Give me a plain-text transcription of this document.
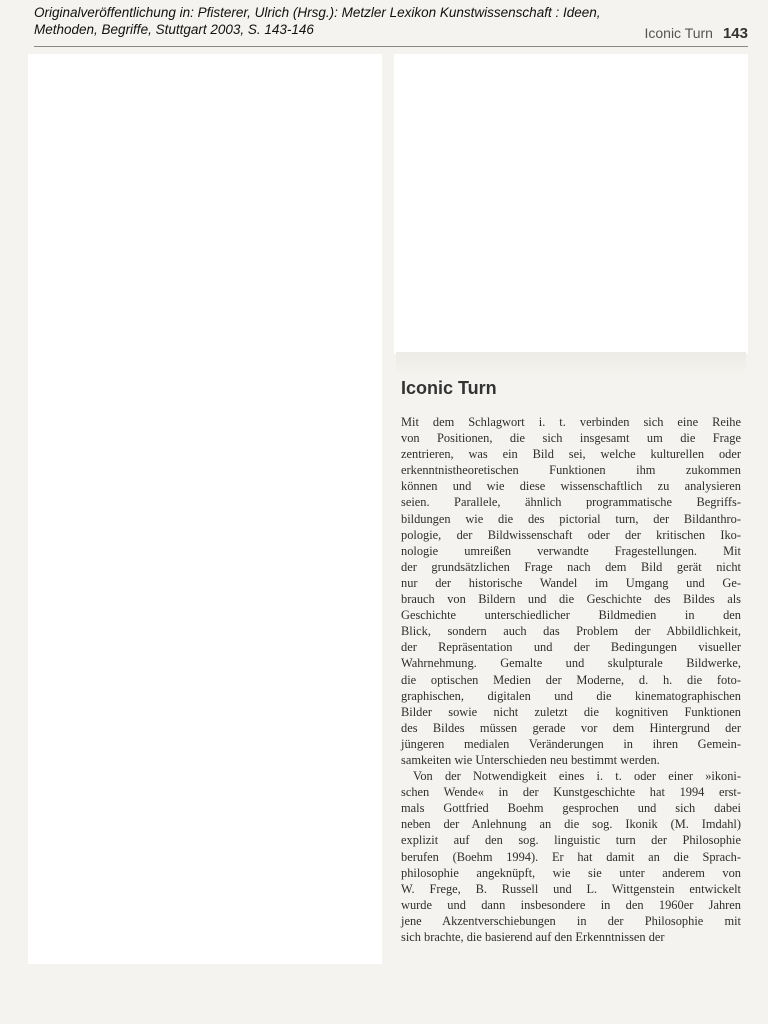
Originalveröffentlichung in: Pfisterer, Ulrich (Hrsg.): Metzler Lexikon Kunstwissenschaft : Ideen,
Methoden, Begriffe, Stuttgart 2003, S. 143-146	Iconic Turn 143
Iconic Turn
Mit dem Schlagwort i. t. verbinden sich eine Reihe
von Positionen, die sich insgesamt um die Frage
zentrieren, was ein Bild sei, welche kulturellen oder
erkenntnistheoretischen Funktionen ihm zukommen
können und wie diese wissenschaftlich zu analysieren
seien. Parallele, ähnlich programmatische Begriffs-
bildungen wie die des pictorial turn, der Bildanthro-
pologie, der Bildwissenschaft oder der kritischen Iko-
nologie umreißen verwandte Fragestellungen. Mit
der grundsätzlichen Frage nach dem Bild gerät nicht
nur der historische Wandel im Umgang und Ge-
brauch von Bildern und die Geschichte des Bildes als
Geschichte unterschiedlicher Bildmedien in den
Blick, sondern auch das Problem der Abbildlichkeit,
der Repräsentation und der Bedingungen visueller
Wahrnehmung. Gemalte und skulpturale Bildwerke,
die optischen Medien der Moderne, d. h. die foto-
graphischen, digitalen und die kinematographischen
Bilder sowie nicht zuletzt die kognitiven Funktionen
des Bildes müssen gerade vor dem Hintergrund der
jüngeren medialen Veränderungen in ihren Gemein-
samkeiten wie Unterschieden neu bestimmt werden.
Von der Notwendigkeit eines i. t. oder einer »ikoni-
schen Wende« in der Kunstgeschichte hat 1994 erst-
mals Gottfried Boehm gesprochen und sich dabei
neben der Anlehnung an die sog. Ikonik (M. Imdahl)
explizit auf den sog. linguistic turn der Philosophie
berufen (Boehm 1994). Er hat damit an die Sprach-
philosophie angeknüpft, wie sie unter anderem von
W. Frege, B. Russell und L. Wittgenstein entwickelt
wurde und dann insbesondere in den 1960er Jahren
jene Akzentverschiebungen in der Philosophie mit
sich brachte, die basierend auf den Erkenntnissen der
